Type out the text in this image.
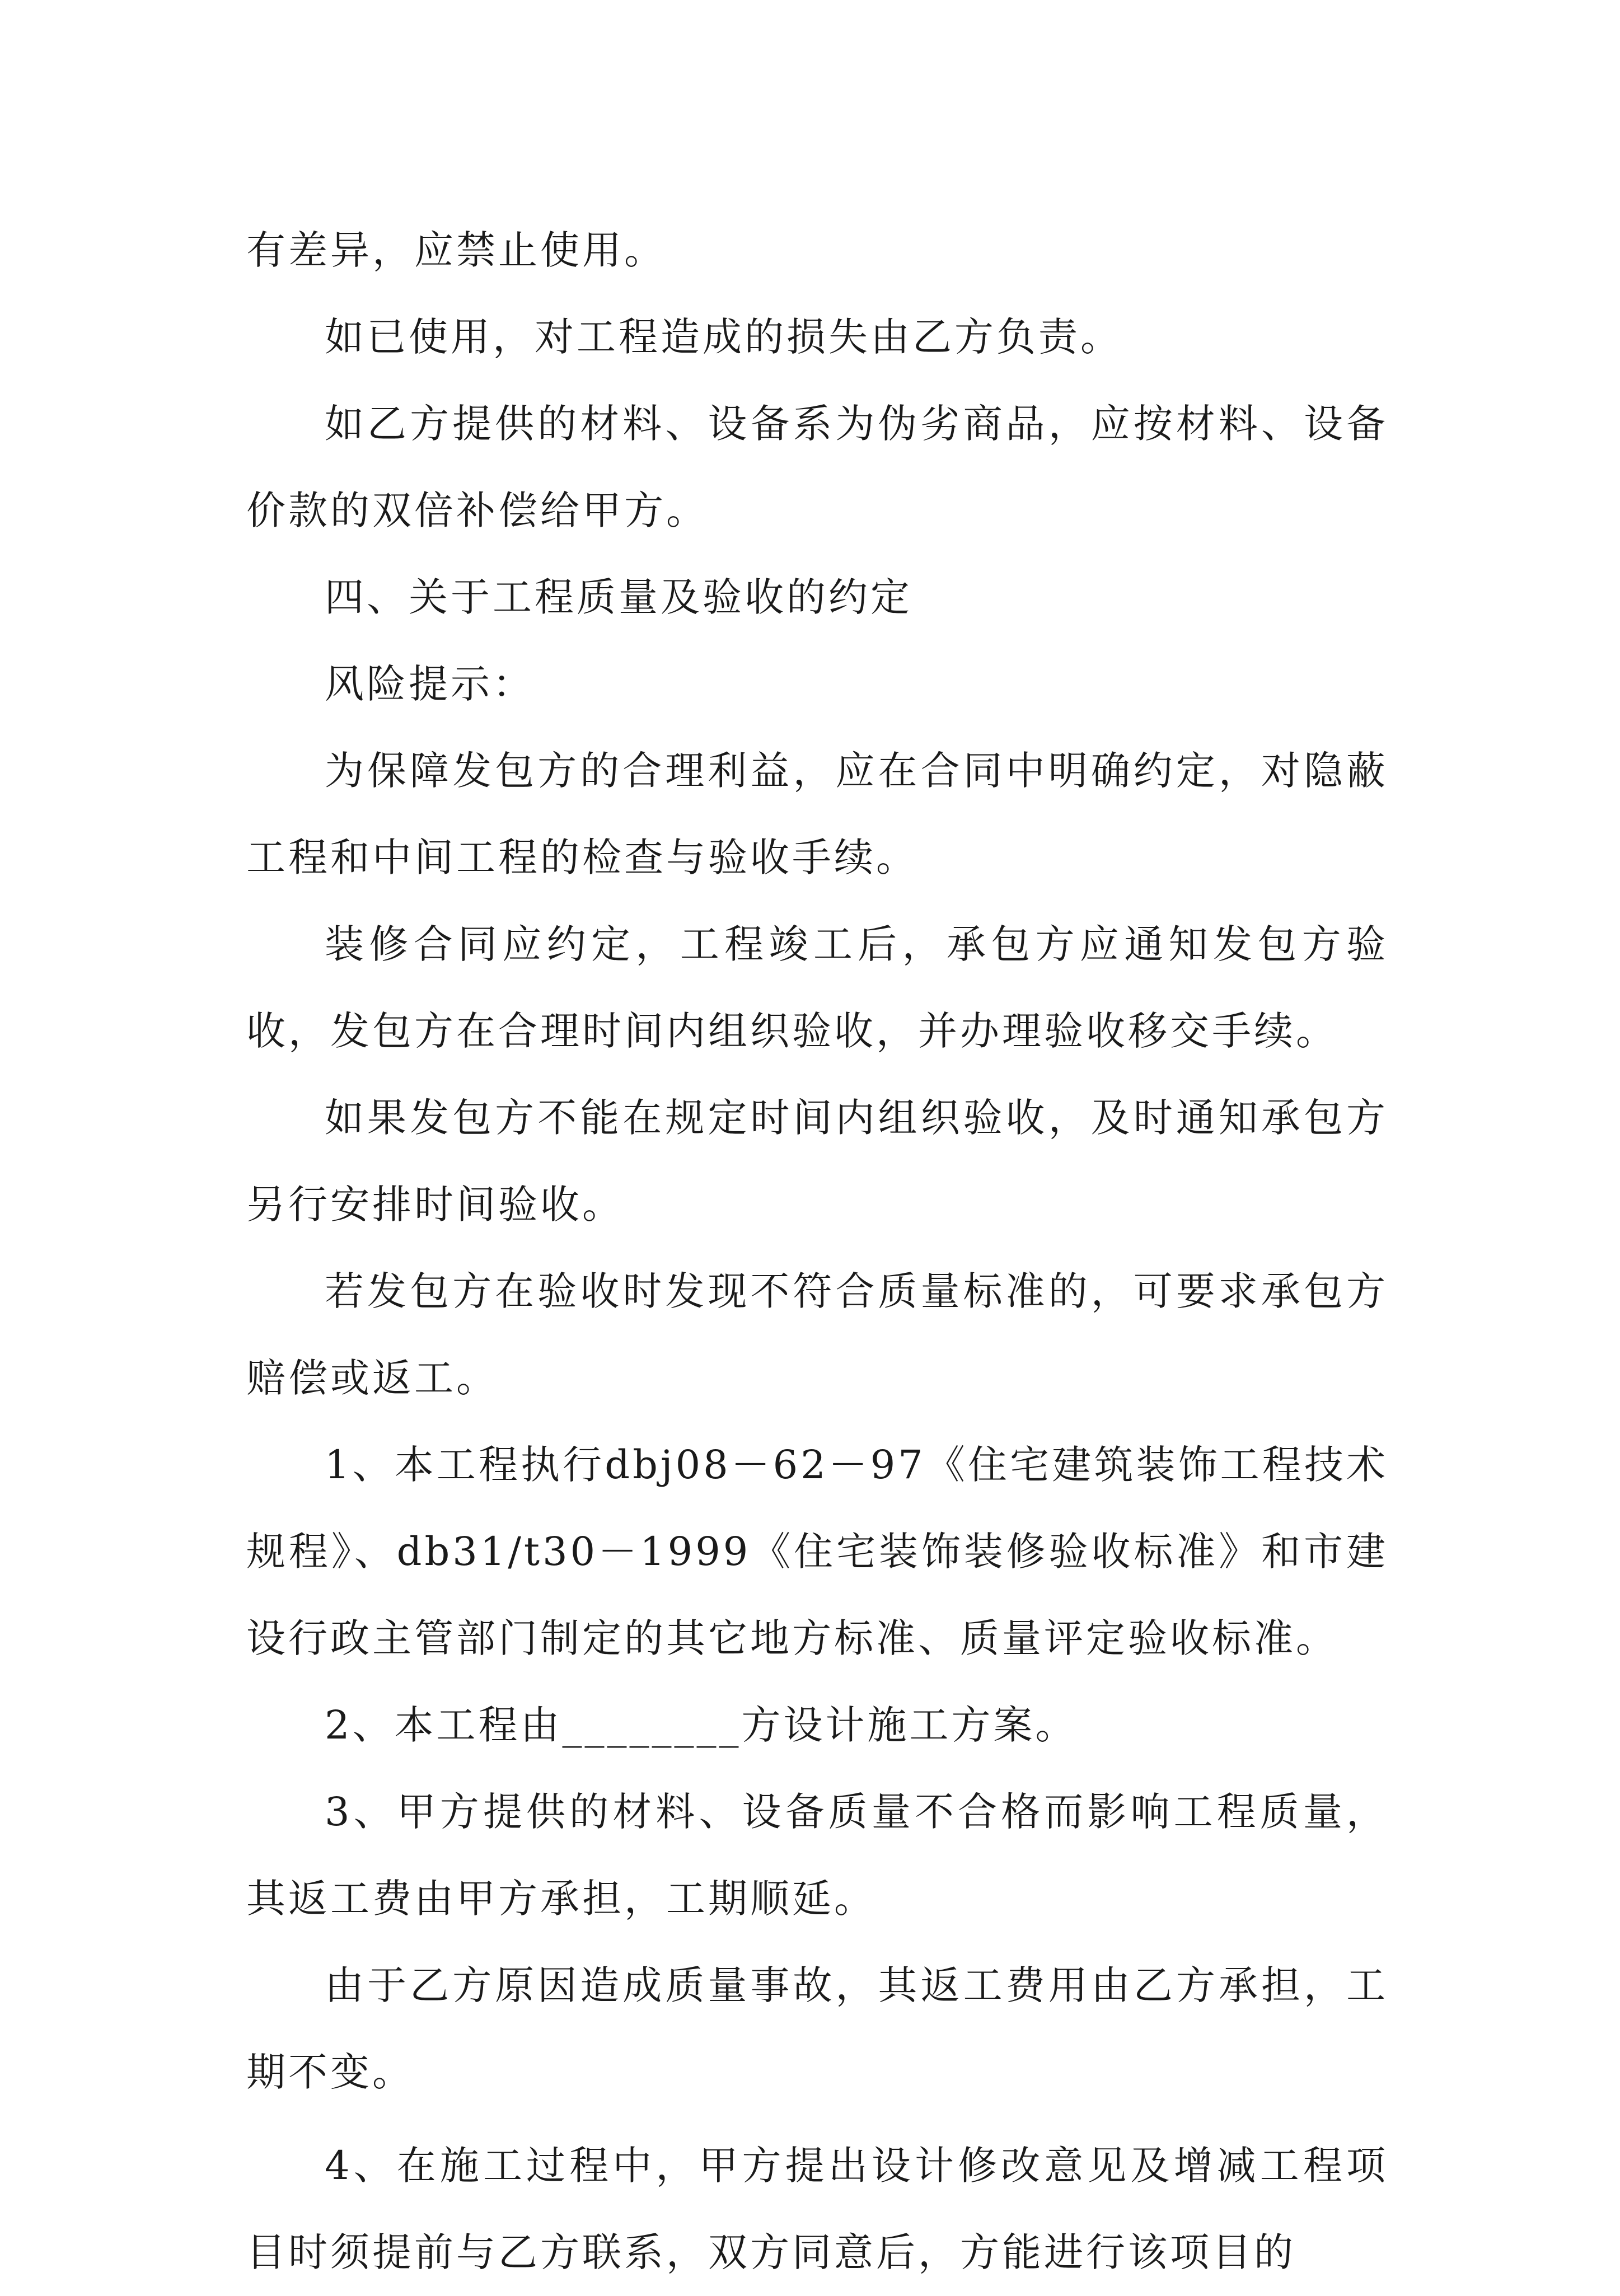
有差异，应禁止使用。

如已使用，对工程造成的损失由乙方负责。

如乙方提供的材料、设备系为伪劣商品，应按材料、设备价款的双倍补偿给甲方。

四、关于工程质量及验收的约定

风险提示：

为保障发包方的合理利益，应在合同中明确约定，对隐蔽工程和中间工程的检查与验收手续。

装修合同应约定，工程竣工后，承包方应通知发包方验收，发包方在合理时间内组织验收，并办理验收移交手续。

如果发包方不能在规定时间内组织验收，及时通知承包方另行安排时间验收。

若发包方在验收时发现不符合质量标准的，可要求承包方赔偿或返工。

1、本工程执行dbj08－62－97《住宅建筑装饰工程技术规程》、db31/t30－1999《住宅装饰装修验收标准》和市建设行政主管部门制定的其它地方标准、质量评定验收标准。

2、本工程由________方设计施工方案。

3、甲方提供的材料、设备质量不合格而影响工程质量，其返工费由甲方承担，工期顺延。

由于乙方原因造成质量事故，其返工费用由乙方承担，工期不变。

4、在施工过程中，甲方提出设计修改意见及增减工程项目时须提前与乙方联系，双方同意后，方能进行该项目的
